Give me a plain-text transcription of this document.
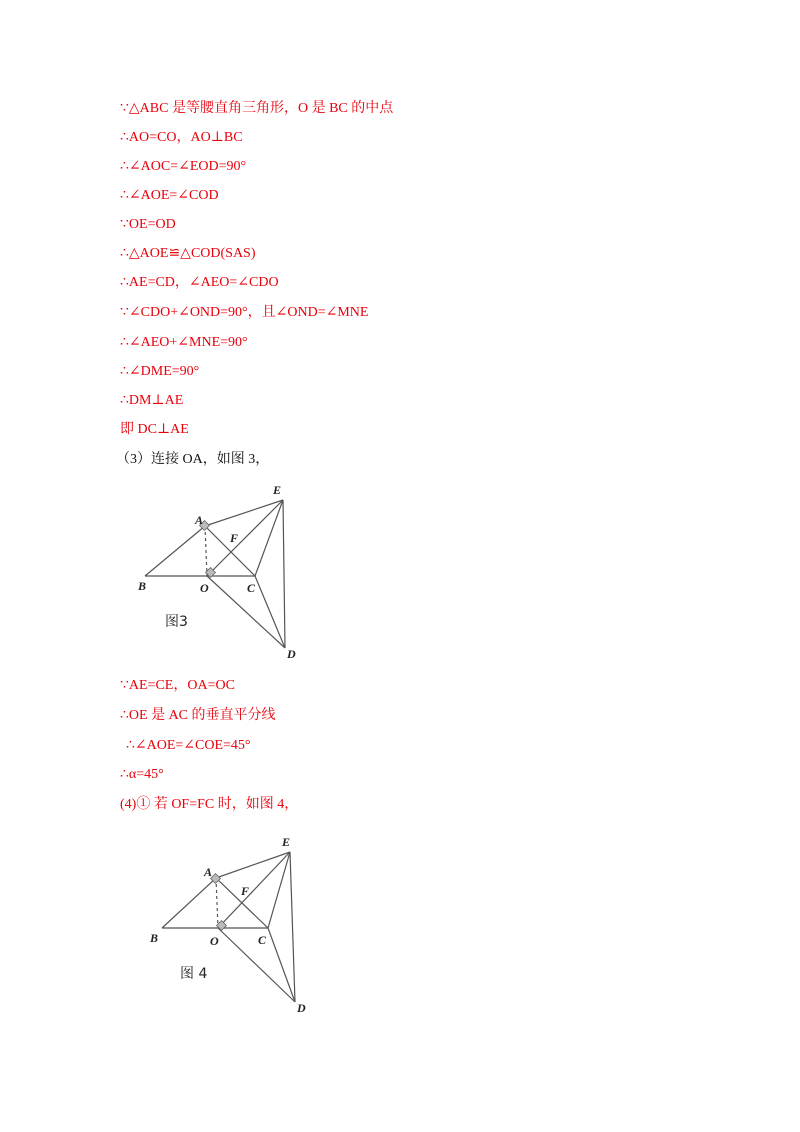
∵△ABC 是等腰直角三角形，O 是 BC 的中点
∴AO=CO，AO⊥BC
∴∠AOC=∠EOD=90°
∴∠AOE=∠COD
∵OE=OD
∴△AOE≌△COD(SAS)
∴AE=CD，∠AEO=∠CDO
∵∠CDO+∠OND=90°，且∠OND=∠MNE
∴∠AEO+∠MNE=90°
∴∠DME=90°
∴DM⊥AE
即 DC⊥AE
（3）连接 OA，如图 3，
A
B	C
D
E
F
O
图3
∵AE=CE，OA=OC
∴OE 是 AC 的垂直平分线
∴∠AOE=∠COE=45°
∴α=45°
(4)① 若 OF=FC 时，如图 4，
A
B	C
D
E
F
O
图 4
